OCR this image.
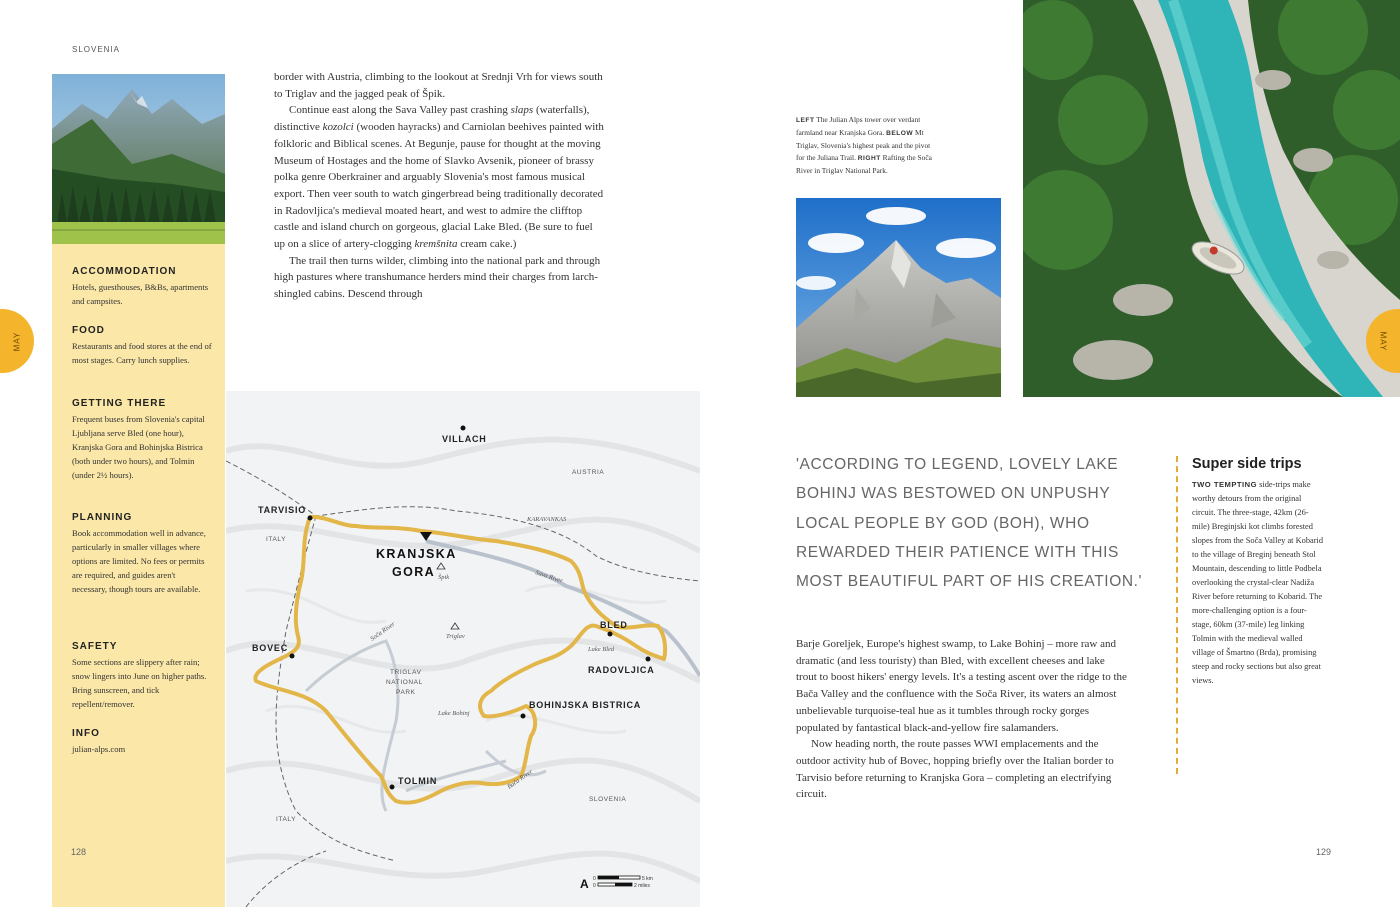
SLOVENIA
MAY
ACCOMMODATION

Hotels, guesthouses, B&Bs, apartments and campsites.

FOOD

Restaurants and food stores at the end of most stages. Carry lunch supplies.

GETTING THERE

Frequent buses from Slovenia's capital Ljubljana serve Bled (one hour), Kranjska Gora and Bohinjska Bistrica (both under two hours), and Tolmin (under 2½ hours).

PLANNING

Book accommodation well in advance, particularly in smaller villages where options are limited. No fees or permits are required, and guides aren't necessary, though tours are available.

SAFETY

Some sections are slippery after rain; snow lingers into June on higher paths. Bring sunscreen, and tick repellent/remover.

INFO

julian-alps.com

128

border with Austria, climbing to the lookout at Srednji Vrh for views south to Triglav and the jagged peak of Špik.

Continue east along the Sava Valley past crashing slaps (waterfalls), distinctive kozolci (wooden hayracks) and Carniolan beehives painted with folkloric and Biblical scenes. At Begunje, pause for thought at the moving Museum of Hostages and the home of Slavko Avsenik, pioneer of brassy polka genre Oberkrainer and arguably Slovenia's most famous musical export. Then veer south to watch gingerbread being traditionally decorated in Radovljica's medieval moated heart, and west to admire the clifftop castle and island church on gorgeous, glacial Lake Bled. (Be sure to fuel up on a slice of artery-clogging kremšnita cream cake.)

The trail then turns wilder, climbing into the national park and through high pastures where transhumance herders mind their charges from larch-shingled cabins. Descend through

VILLACH
TARVISIO
BOVEC
BLED
RADOVLJICA
BOHINJSKA BISTRICA
TOLMIN
KRANJSKA
GORA
AUSTRIA
ITALY
TRIGLAV
NATIONAL
PARK
SLOVENIA
ITALY
KARAVANKAS
Špik
Triglav
Lake Bled
Lake Bohinj
Sava River
Soča River
Bača River
A 0
0
5 km
2 miles
LEFT The Julian Alps tower over verdant farmland near Kranjska Gora. BELOW Mt Triglav, Slovenia's highest peak and the pivot for the Juliana Trail. RIGHT Rafting the Soča River in Triglav National Park.
MAY
'ACCORDING TO LEGEND, LOVELY LAKE BOHINJ WAS BESTOWED ON UNPUSHY LOCAL PEOPLE BY GOD (BOH), WHO REWARDED THEIR PATIENCE WITH THIS MOST BEAUTIFUL PART OF HIS CREATION.'

Barje Goreljek, Europe's highest swamp, to Lake Bohinj – more raw and dramatic (and less touristy) than Bled, with excellent cheeses and lake trout to boost hikers' energy levels. It's a testing ascent over the ridge to the Bača Valley and the confluence with the Soča River, its waters an almost unbelievable turquoise-teal hue as it tumbles through rocky gorges populated by fantastical black-and-yellow fire salamanders.

Now heading north, the route passes WWI emplacements and the outdoor activity hub of Bovec, hopping briefly over the Italian border to Tarvisio before returning to Kranjska Gora – completing an electrifying circuit.

Super side trips

TWO TEMPTING side-trips make worthy detours from the original circuit. The three-stage, 42km (26-mile) Breginjski kot climbs forested slopes from the Soča Valley at Kobarid to the village of Breginj beneath Stol Mountain, descending to little Podbela overlooking the crystal-clear Nadiža River before returning to Kobarid. The more-challenging option is a four-stage, 60km (37-mile) leg linking Tolmin with the medieval walled village of Šmartno (Brda), promising steep and rocky sections but also great views.

129
